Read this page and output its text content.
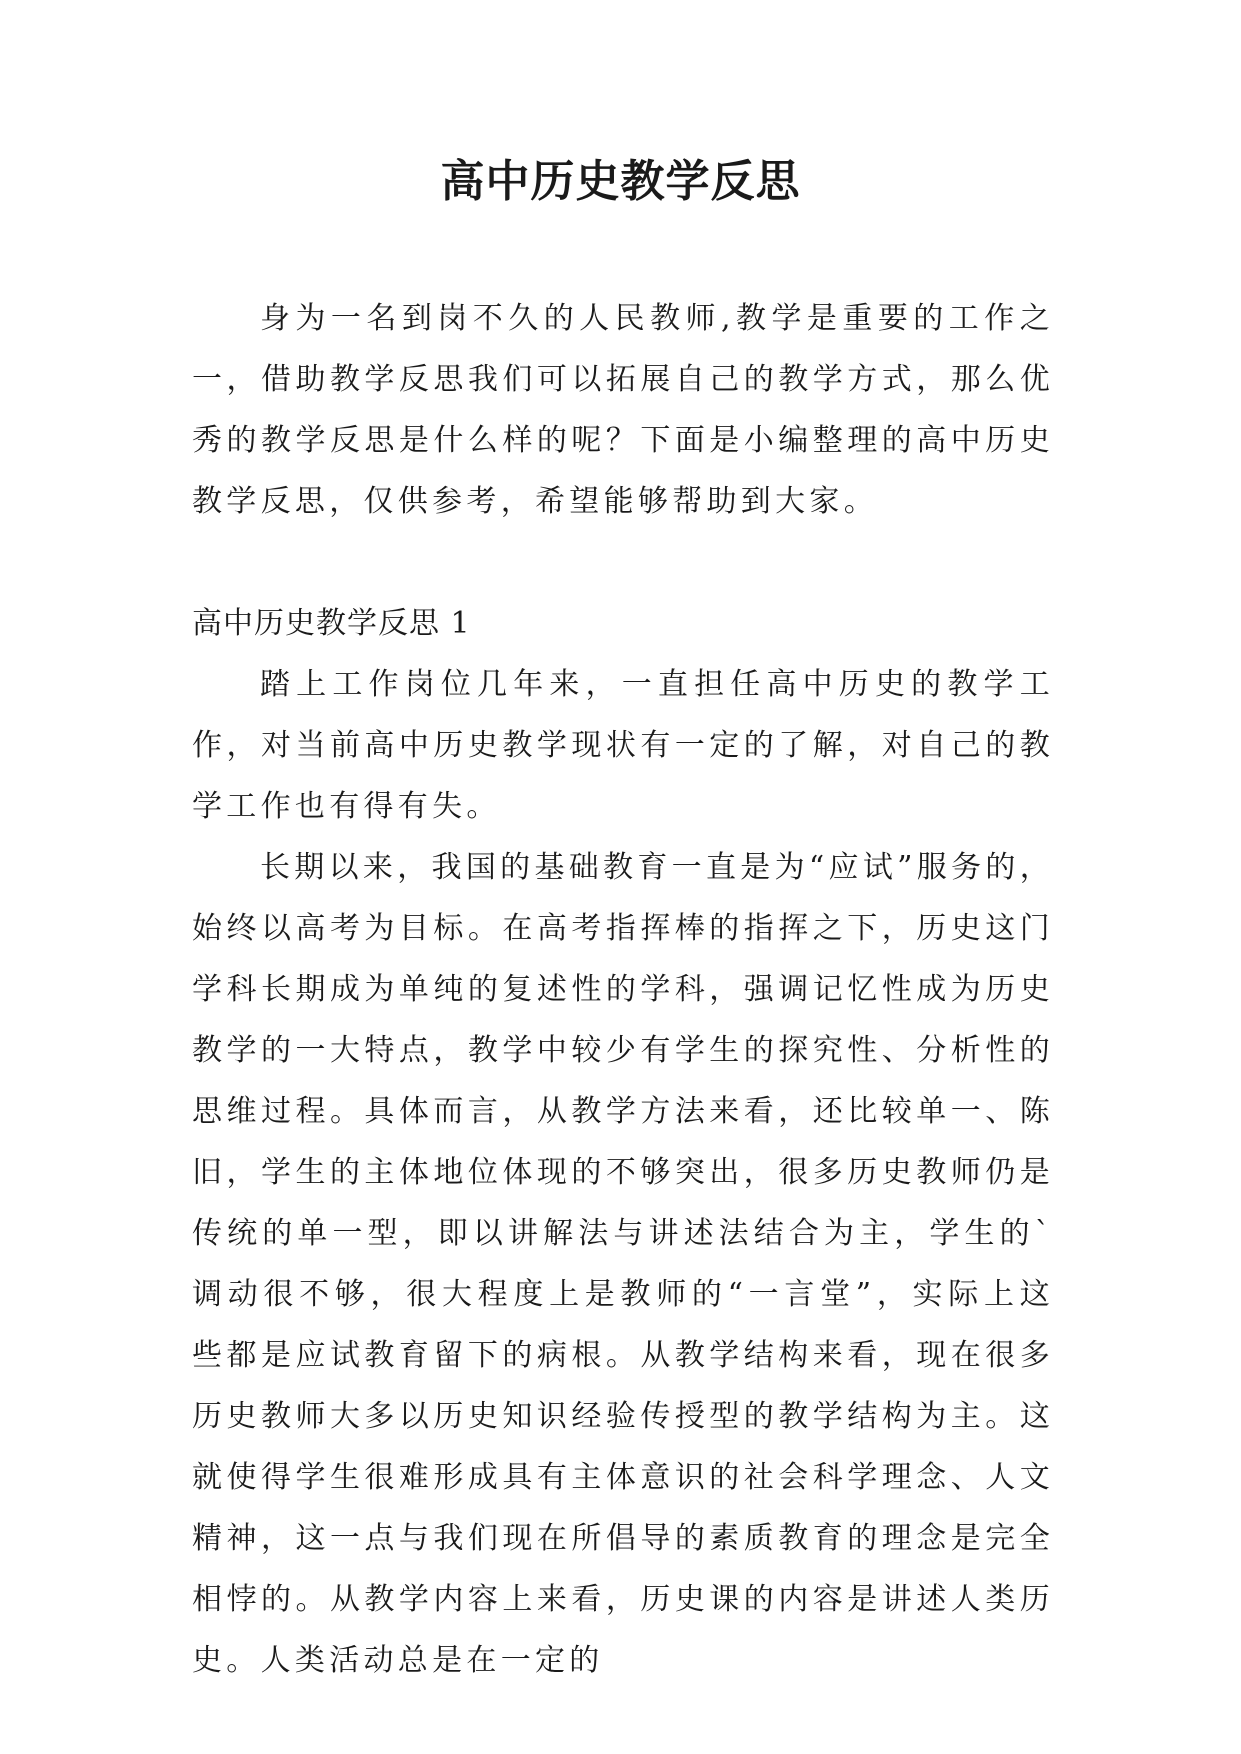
高中历史教学反思

身为一名到岗不久的人民教师,教学是重要的工作之一，借助教学反思我们可以拓展自己的教学方式，那么优秀的教学反思是什么样的呢？下面是小编整理的高中历史教学反思，仅供参考，希望能够帮助到大家。

高中历史教学反思 1

踏上工作岗位几年来，一直担任高中历史的教学工作，对当前高中历史教学现状有一定的了解，对自己的教学工作也有得有失。

长期以来，我国的基础教育一直是为“应试”服务的，始终以高考为目标。在高考指挥棒的指挥之下，历史这门学科长期成为单纯的复述性的学科，强调记忆性成为历史教学的一大特点，教学中较少有学生的探究性、分析性的思维过程。具体而言，从教学方法来看，还比较单一、陈旧，学生的主体地位体现的不够突出，很多历史教师仍是传统的单一型，即以讲解法与讲述法结合为主，学生的`调动很不够，很大程度上是教师的“一言堂”，实际上这些都是应试教育留下的病根。从教学结构来看，现在很多历史教师大多以历史知识经验传授型的教学结构为主。这就使得学生很难形成具有主体意识的社会科学理念、人文精神，这一点与我们现在所倡导的素质教育的理念是完全相悖的。从教学内容上来看，历史课的内容是讲述人类历史。人类活动总是在一定的
